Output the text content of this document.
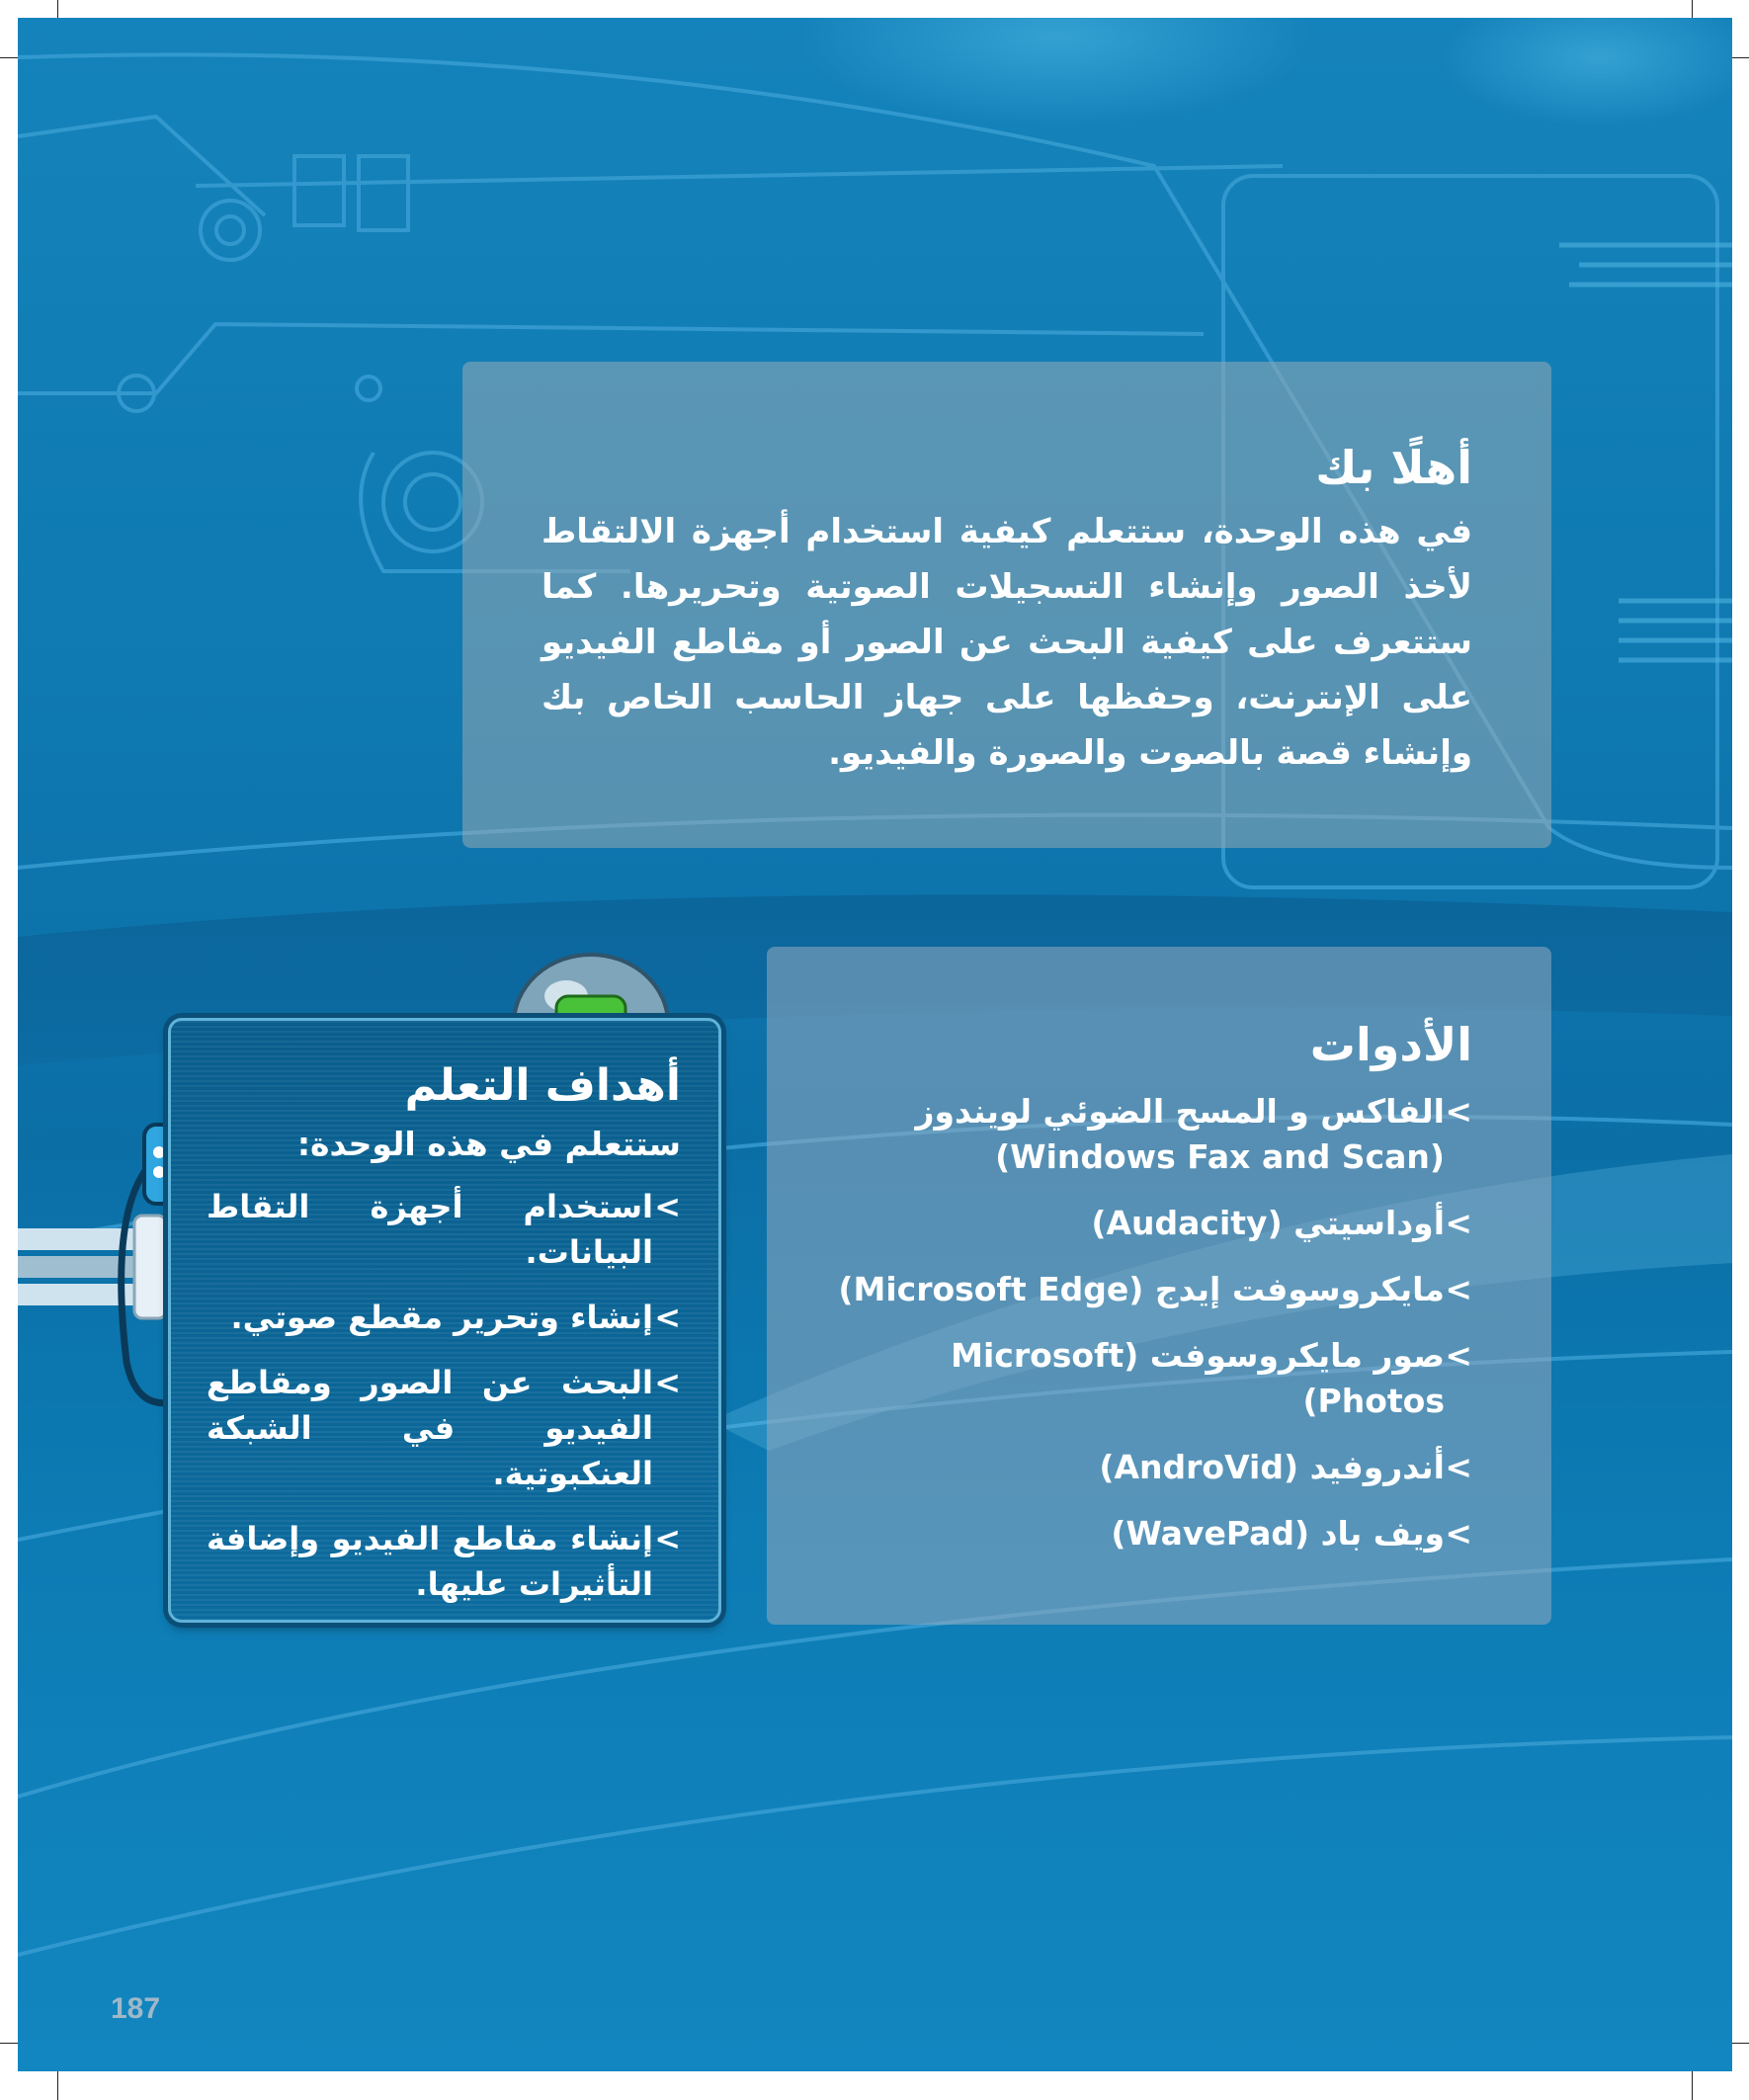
أهلًا بك

في هذه الوحدة، ستتعلم كيفية استخدام أجهزة الالتقاط لأخذ الصور وإنشاء التسجيلات الصوتية وتحريرها. كما ستتعرف على كيفية البحث عن الصور أو مقاطع الفيديو على الإنترنت، وحفظها على جهاز الحاسب الخاص بك وإنشاء قصة بالصوت والصورة والفيديو.

أهداف التعلم

ستتعلم في هذه الوحدة:

>
استخدام أجهزة التقاط البيانات.
>
إنشاء وتحرير مقطع صوتي.
>
البحث عن الصور ومقاطع الفيديو في الشبكة العنكبوتية.
>
إنشاء مقاطع الفيديو وإضافة التأثيرات عليها.
الأدوات
>
الفاكس و المسح الضوئي لويندوز
(Windows Fax and Scan)
>
أوداسيتي (Audacity)
>
مايكروسوفت إيدج (Microsoft Edge)
>
صور مايكروسوفت (Microsoft Photos)
>
أندروفيد (AndroVid)
>
ويف باد (WavePad)
187
